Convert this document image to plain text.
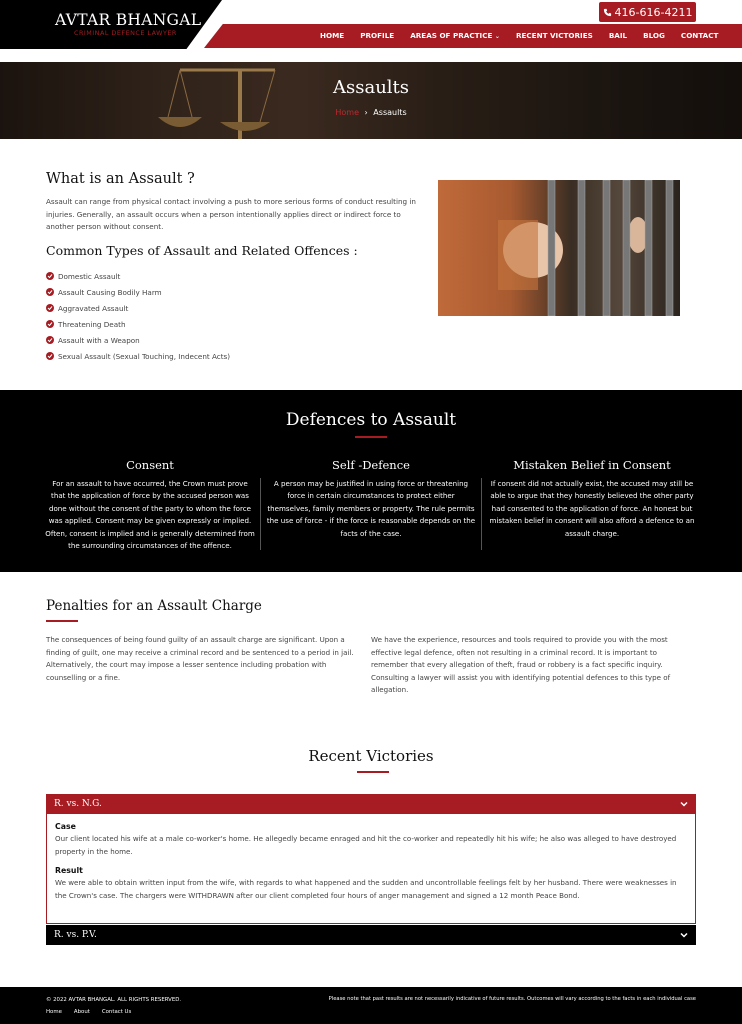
AVTAR BHANGAL
CRIMINAL DEFENCE LAWYER
416-616-4211
HOME PROFILE AREAS OF PRACTICE ⌄ RECENT VICTORIES BAIL BLOG CONTACT
Assaults
Home › Assaults
What is an Assault ?

Assault can range from physical contact involving a push to more serious forms of conduct resulting in injuries. Generally, an assault occurs when a person intentionally applies direct or indirect force to another person without consent.

Common Types of Assault and Related Offences :
Domestic Assault
Assault Causing Bodily Harm
Aggravated Assault
Threatening Death
Assault with a Weapon
Sexual Assault (Sexual Touching, Indecent Acts)
Defences to Assault
Consent

For an assault to have occurred, the Crown must prove that the application of force by the accused person was done without the consent of the party to whom the force was applied. Consent may be given expressly or implied. Often, consent is implied and is generally determined from the surrounding circumstances of the offence.

Self -Defence

A person may be justified in using force or threatening force in certain circumstances to protect either themselves, family members or property. The rule permits the use of force - if the force is reasonable depends on the facts of the case.

Mistaken Belief in Consent

If consent did not actually exist, the accused may still be able to argue that they honestly believed the other party had consented to the application of force. An honest but mistaken belief in consent will also afford a defence to an assault charge.

Penalties for an Assault Charge

The consequences of being found guilty of an assault charge are significant. Upon a finding of guilt, one may receive a criminal record and be sentenced to a period in jail. Alternatively, the court may impose a lesser sentence including probation with counselling or a fine.

We have the experience, resources and tools required to provide you with the most effective legal defence, often not resulting in a criminal record. It is important to remember that every allegation of theft, fraud or robbery is a fact specific inquiry. Consulting a lawyer will assist you with identifying potential defences to this type of allegation.

Recent Victories
R. vs. N.G.
Case

Our client located his wife at a male co-worker's home. He allegedly became enraged and hit the co-worker and repeatedly hit his wife; he also was alleged to have destroyed property in the home.

Result

We were able to obtain written input from the wife, with regards to what happened and the sudden and uncontrollable feelings felt by her husband. There were weaknesses in the Crown's case. The chargers were WITHDRAWN after our client completed four hours of anger management and signed a 12 month Peace Bond.

R. vs. P.V.
© 2022 AVTAR BHANGAL. ALL RIGHTS RESERVED.
Home About Contact Us
Please note that past results are not necessarily indicative of future results. Outcomes will vary according to the facts in each individual case
